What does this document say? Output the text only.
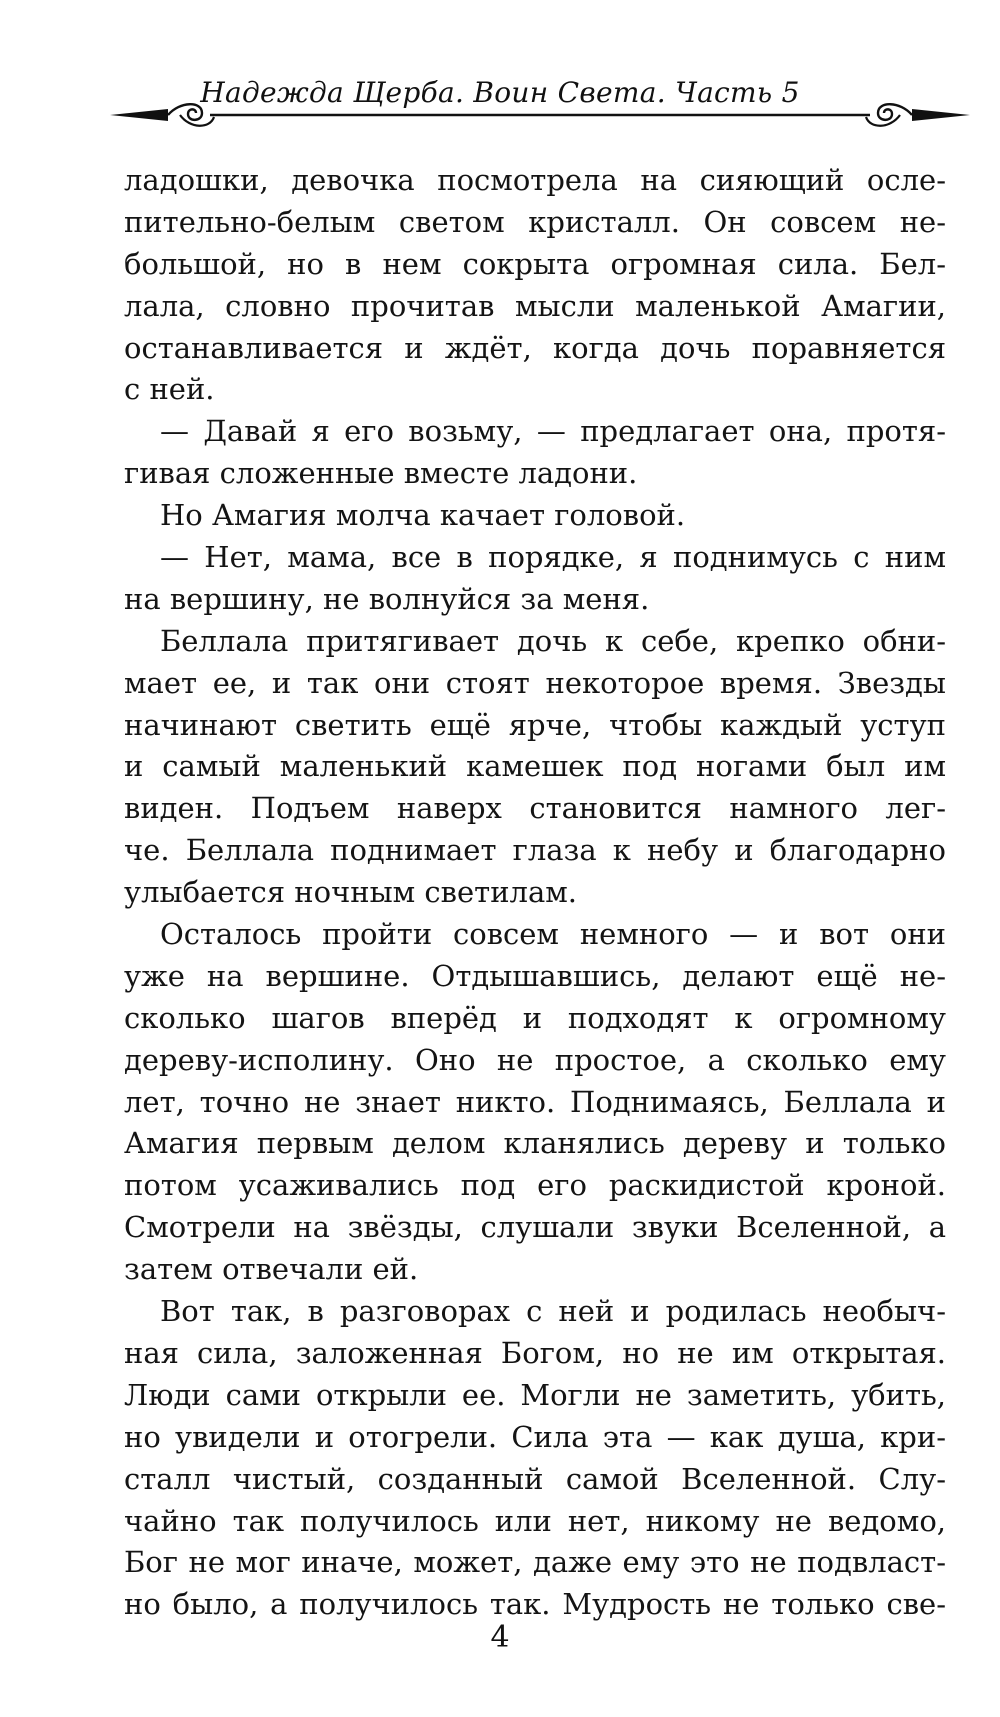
Надежда Щерба. Воин Света. Часть 5
ладошки, девочка посмотрела на сияющий осле-
пительно-белым светом кристалл. Он совсем не-
большой, но в нем сокрыта огромная сила. Бел-
лала, словно прочитав мысли маленькой Амагии,
останавливается и ждёт, когда дочь поравняется
с ней.
— Давай я его возьму, — предлагает она, протя-
гивая сложенные вместе ладони.
Но Амагия молча качает головой.
— Нет, мама, все в порядке, я поднимусь с ним
на вершину, не волнуйся за меня.
Беллала притягивает дочь к себе, крепко обни-
мает ее, и так они стоят некоторое время. Звезды
начинают светить ещё ярче, чтобы каждый уступ
и самый маленький камешек под ногами был им
виден. Подъем наверх становится намного лег-
че. Беллала поднимает глаза к небу и благодарно
улыбается ночным светилам.
Осталось пройти совсем немного — и вот они
уже на вершине. Отдышавшись, делают ещё не-
сколько шагов вперёд и подходят к огромному
дереву-исполину. Оно не простое, а сколько ему
лет, точно не знает никто. Поднимаясь, Беллала и
Амагия первым делом кланялись дереву и только
потом усаживались под его раскидистой кроной.
Смотрели на звёзды, слушали звуки Вселенной, а
затем отвечали ей.
Вот так, в разговорах с ней и родилась необыч-
ная сила, заложенная Богом, но не им открытая.
Люди сами открыли ее. Могли не заметить, убить,
но увидели и отогрели. Сила эта — как душа, кри-
сталл чистый, созданный самой Вселенной. Слу-
чайно так получилось или нет, никому не ведомо,
Бог не мог иначе, может, даже ему это не подвласт-
но было, а получилось так. Мудрость не только све-
4
